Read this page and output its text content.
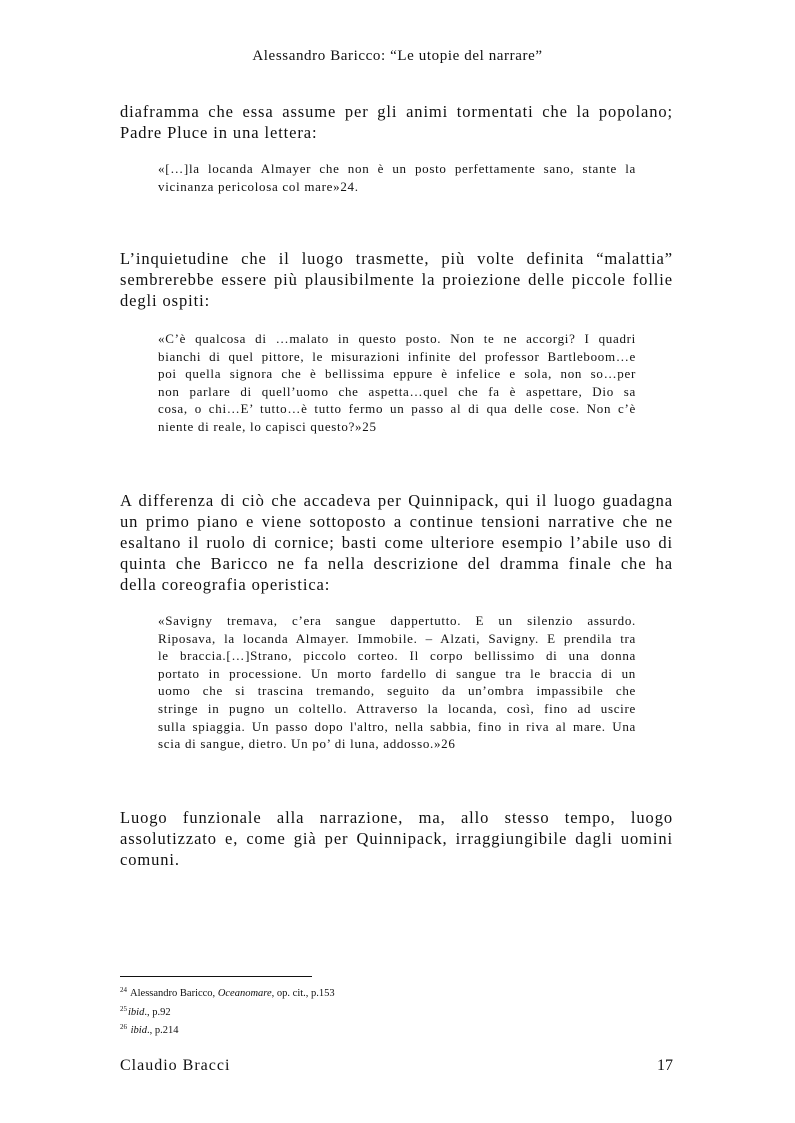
Alessandro Baricco: “Le utopie del narrare”

diaframma che essa assume per gli animi tormentati che la popolano;
Padre Pluce in una lettera:

«[…]la locanda Almayer che non è un posto perfettamente sano, stante la
vicinanza pericolosa col mare»24.

L’inquietudine che il luogo trasmette, più volte definita “malattia”
sembrerebbe essere più plausibilmente la proiezione delle piccole follie
degli ospiti:

«C’è qualcosa di …malato in questo posto. Non te ne accorgi? I quadri
bianchi di quel pittore, le misurazioni infinite del professor Bartleboom…e
poi quella signora che è bellissima eppure è infelice e sola, non so…per
non parlare di quell’uomo che aspetta…quel che fa è aspettare, Dio sa
cosa, o chi…E’ tutto…è tutto fermo un passo al di qua delle cose. Non c’è
niente di reale, lo capisci questo?»25

A differenza di ciò che accadeva per Quinnipack, qui il luogo guadagna
un primo piano e viene sottoposto a continue tensioni narrative che ne
esaltano il ruolo di cornice; basti come ulteriore esempio l’abile uso di
quinta che Baricco ne fa nella descrizione del dramma finale che ha
della coreografia operistica:

«Savigny tremava, c’era sangue dappertutto. E un silenzio assurdo.
Riposava, la locanda Almayer. Immobile. – Alzati, Savigny. E prendila tra
le braccia.[…]Strano, piccolo corteo. Il corpo bellissimo di una donna
portato in processione. Un morto fardello di sangue tra le braccia di un
uomo che si trascina tremando, seguito da un’ombra impassibile che
stringe in pugno un coltello. Attraverso la locanda, così, fino ad uscire
sulla spiaggia. Un passo dopo l'altro, nella sabbia, fino in riva al mare. Una
scia di sangue, dietro. Un po’ di luna, addosso.»26

Luogo funzionale alla narrazione, ma, allo stesso tempo, luogo
assolutizzato e, come già per Quinnipack, irraggiungibile dagli uomini
comuni.

$^{24}$ Alessandro Baricco, Oceanomare, op. cit., p.153
$^{25}$ibid., p.92
$^{26}$ ibid., p.214
Claudio Bracci	17
